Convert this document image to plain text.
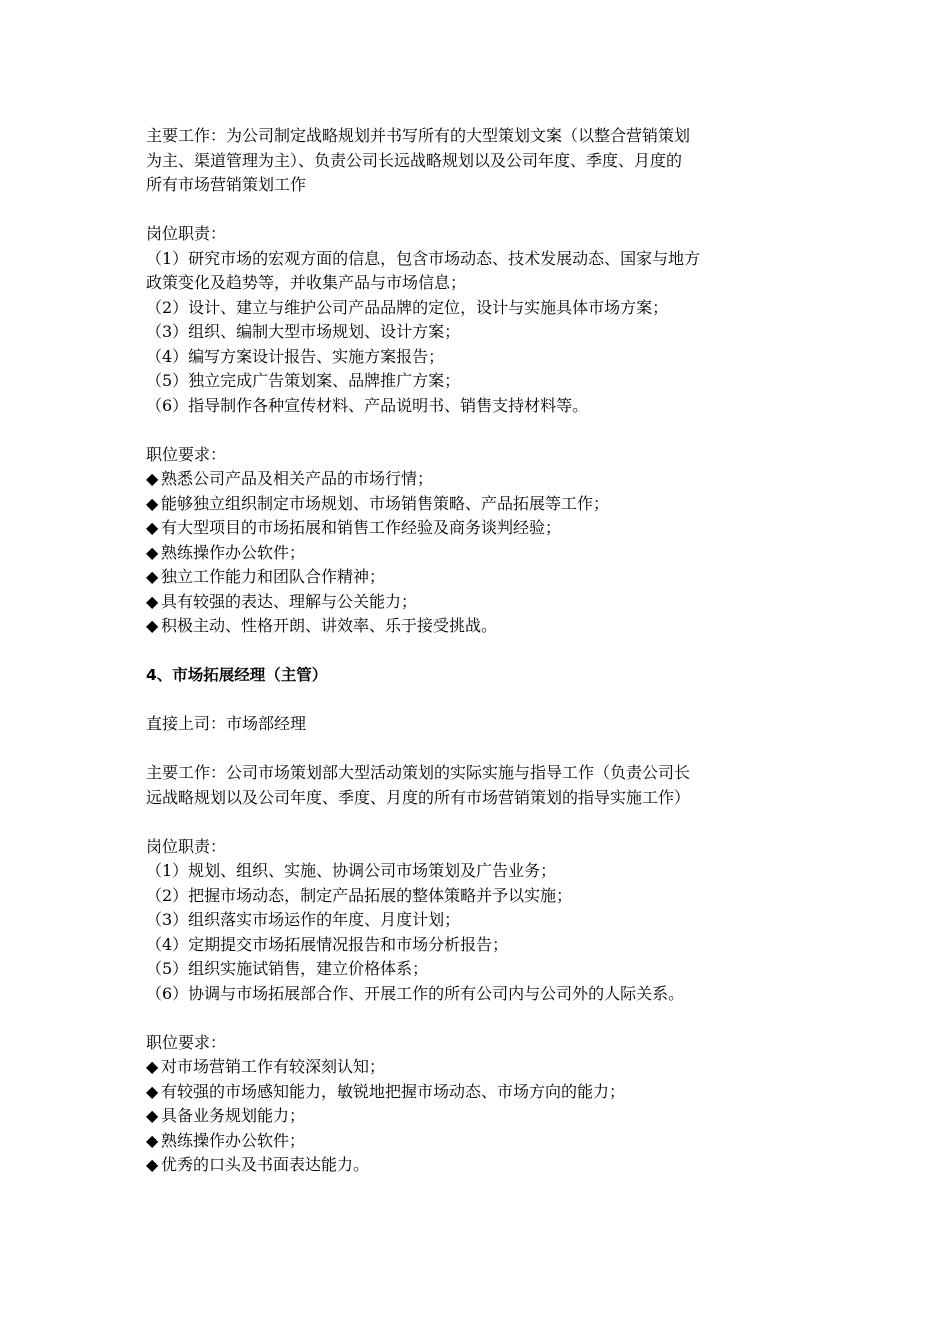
主要工作：为公司制定战略规划并书写所有的大型策划文案（以整合营销策划
为主、渠道管理为主）、负责公司长远战略规划以及公司年度、季度、月度的
所有市场营销策划工作
岗位职责：
（1）研究市场的宏观方面的信息，包含市场动态、技术发展动态、国家与地方
政策变化及趋势等，并收集产品与市场信息；
（2）设计、建立与维护公司产品品牌的定位，设计与实施具体市场方案；
（3）组织、编制大型市场规划、设计方案；
（4）编写方案设计报告、实施方案报告；
（5）独立完成广告策划案、品牌推广方案；
（6）指导制作各种宣传材料、产品说明书、销售支持材料等。
职位要求：
◆ 熟悉公司产品及相关产品的市场行情；
◆ 能够独立组织制定市场规划、市场销售策略、产品拓展等工作；
◆ 有大型项目的市场拓展和销售工作经验及商务谈判经验；
◆ 熟练操作办公软件；
◆ 独立工作能力和团队合作精神；
◆ 具有较强的表达、理解与公关能力；
◆ 积极主动、性格开朗、讲效率、乐于接受挑战。
4、市场拓展经理（主管）
直接上司：市场部经理
主要工作：公司市场策划部大型活动策划的实际实施与指导工作（负责公司长
远战略规划以及公司年度、季度、月度的所有市场营销策划的指导实施工作）
岗位职责：
（1）规划、组织、实施、协调公司市场策划及广告业务；
（2）把握市场动态，制定产品拓展的整体策略并予以实施；
（3）组织落实市场运作的年度、月度计划；
（4）定期提交市场拓展情况报告和市场分析报告；
（5）组织实施试销售，建立价格体系；
（6）协调与市场拓展部合作、开展工作的所有公司内与公司外的人际关系。
职位要求：
◆ 对市场营销工作有较深刻认知；
◆ 有较强的市场感知能力，敏锐地把握市场动态、市场方向的能力；
◆ 具备业务规划能力；
◆ 熟练操作办公软件；
◆ 优秀的口头及书面表达能力。
